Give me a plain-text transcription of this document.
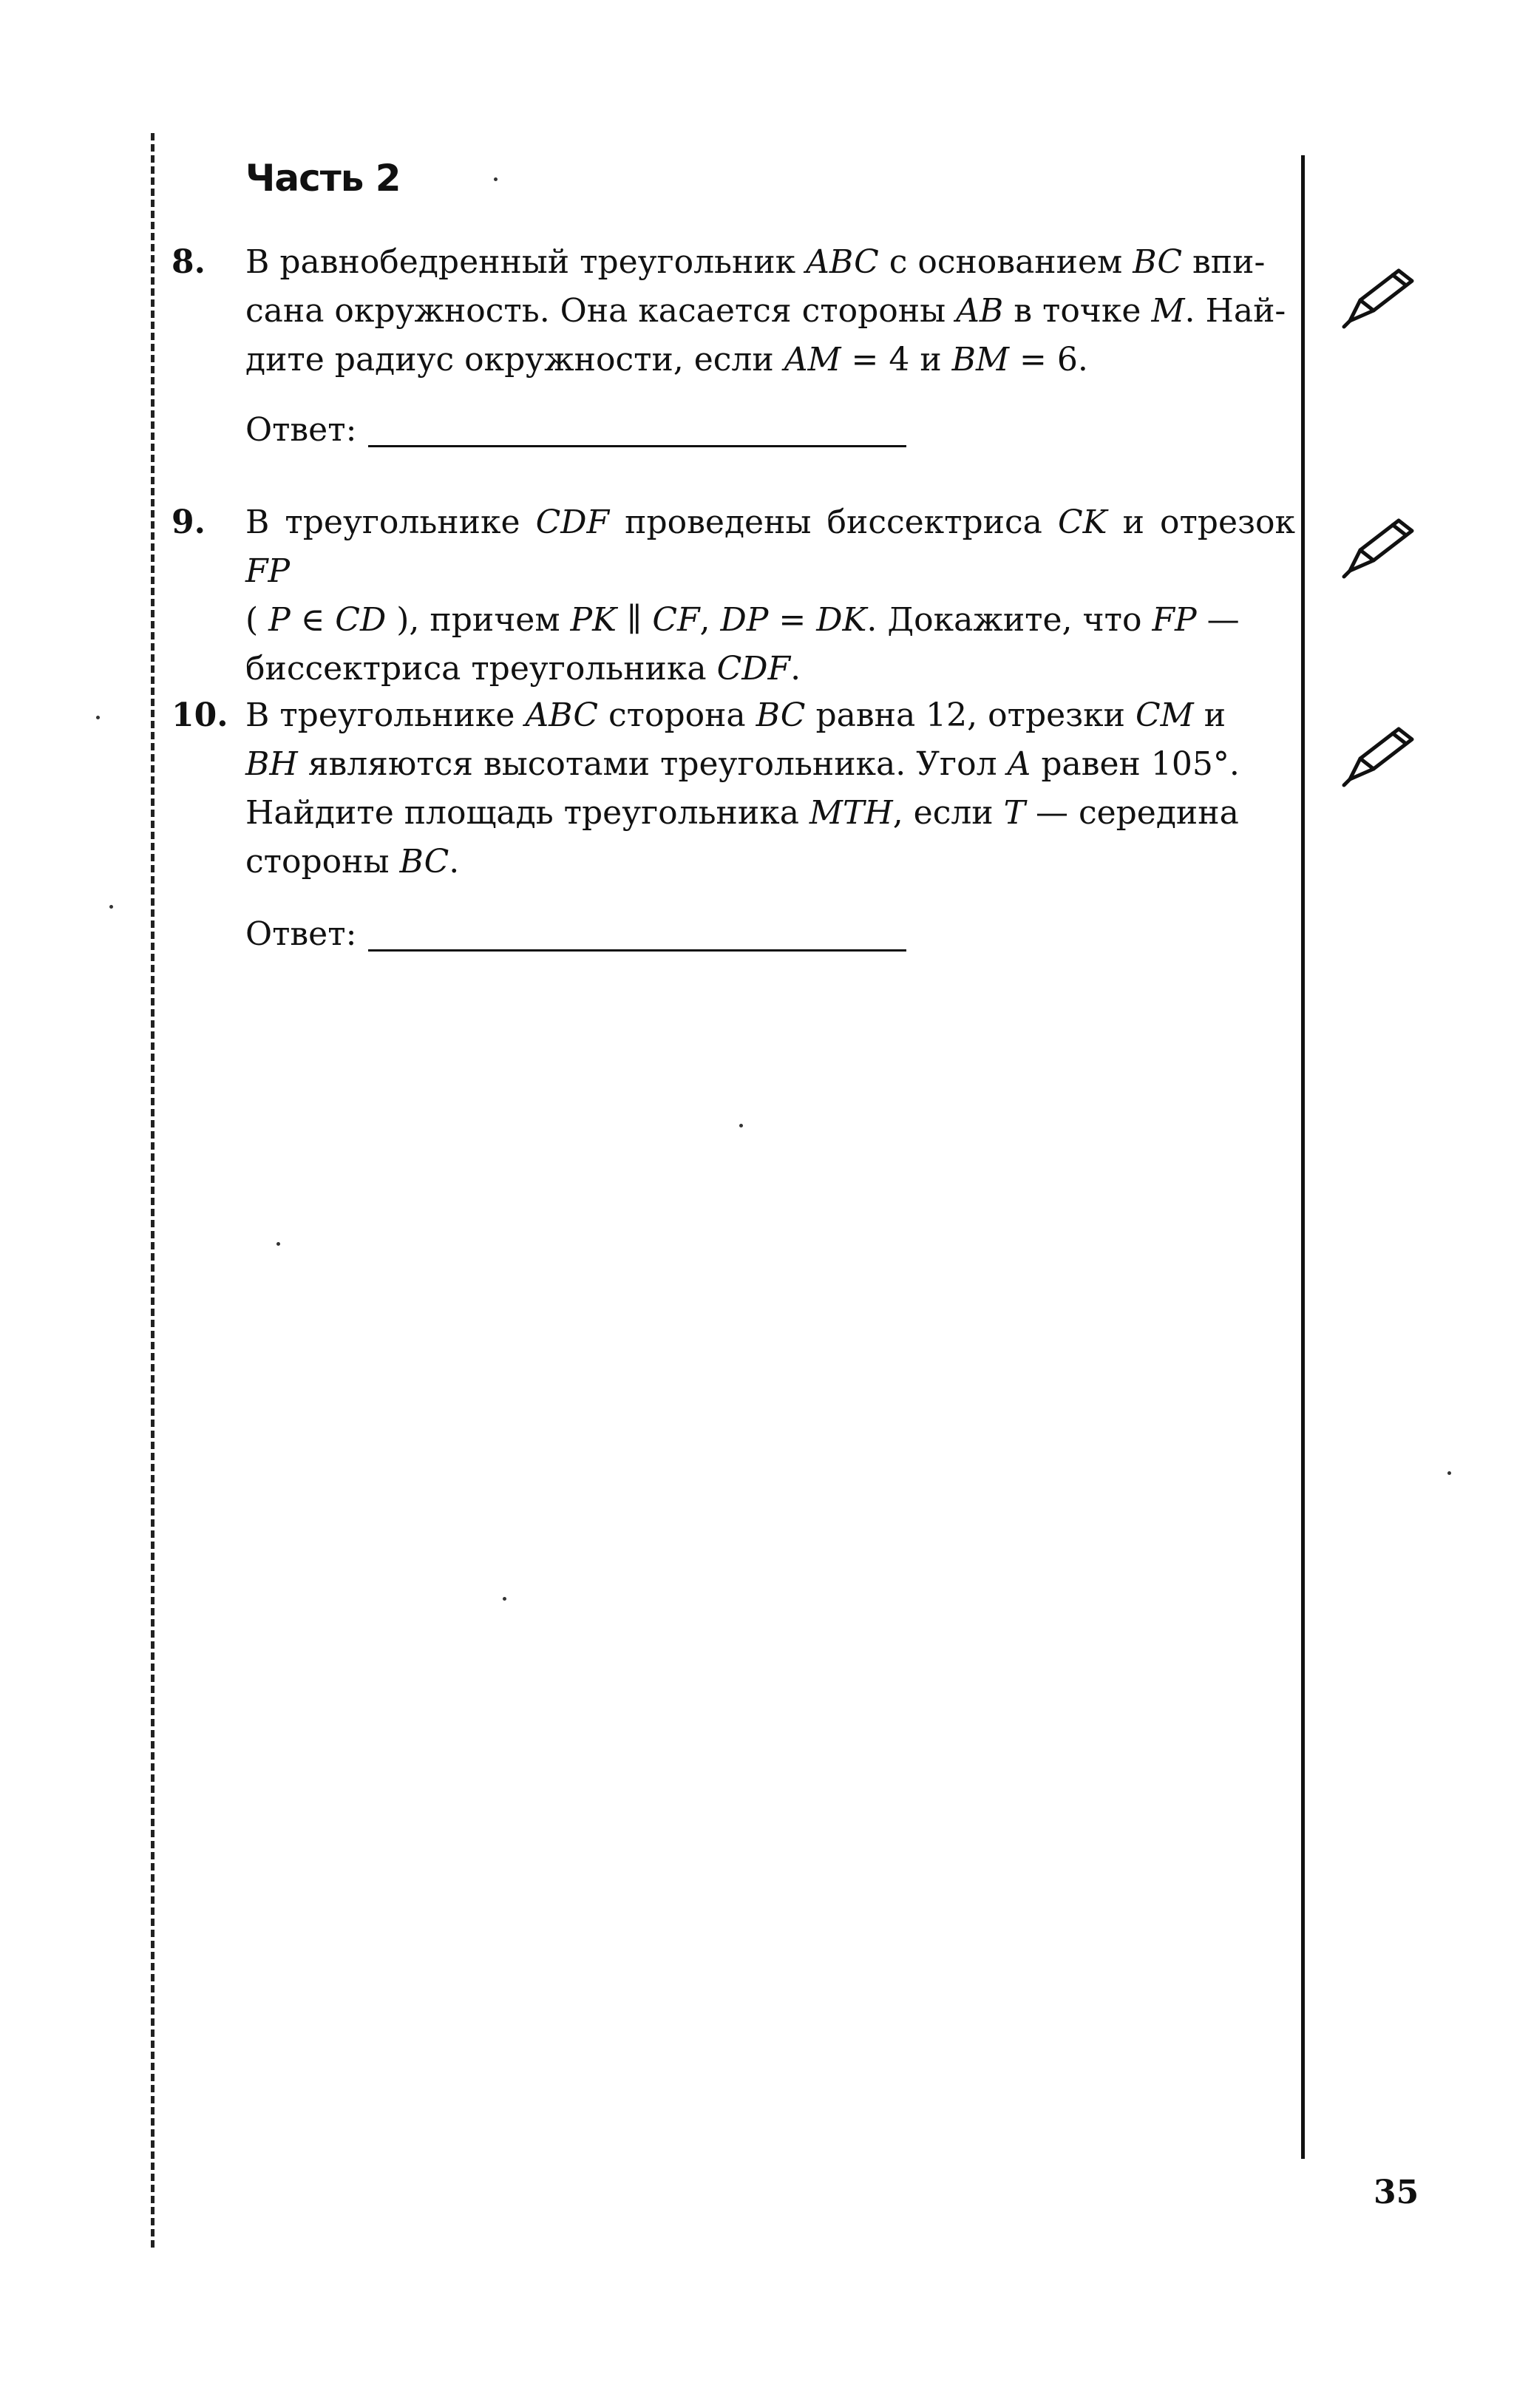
Часть 2
8. В равнобедренный треугольник ABC с основанием BC впи-
сана окружность. Она касается стороны AB в точке M. Най-
дите радиус окружности, если AM = 4 и BM = 6.
Ответ:
9. В треугольнике CDF проведены биссектриса CK и отрезок FP
( P ∈ CD ), причем PK ∥ CF, DP = DK. Докажите, что FP —
биссектриса треугольника CDF.
10. В треугольнике ABC сторона BC равна 12, отрезки CM и
BH являются высотами треугольника. Угол A равен 105°.
Найдите площадь треугольника MTH, если T — середина
стороны BC.
Ответ:
35
